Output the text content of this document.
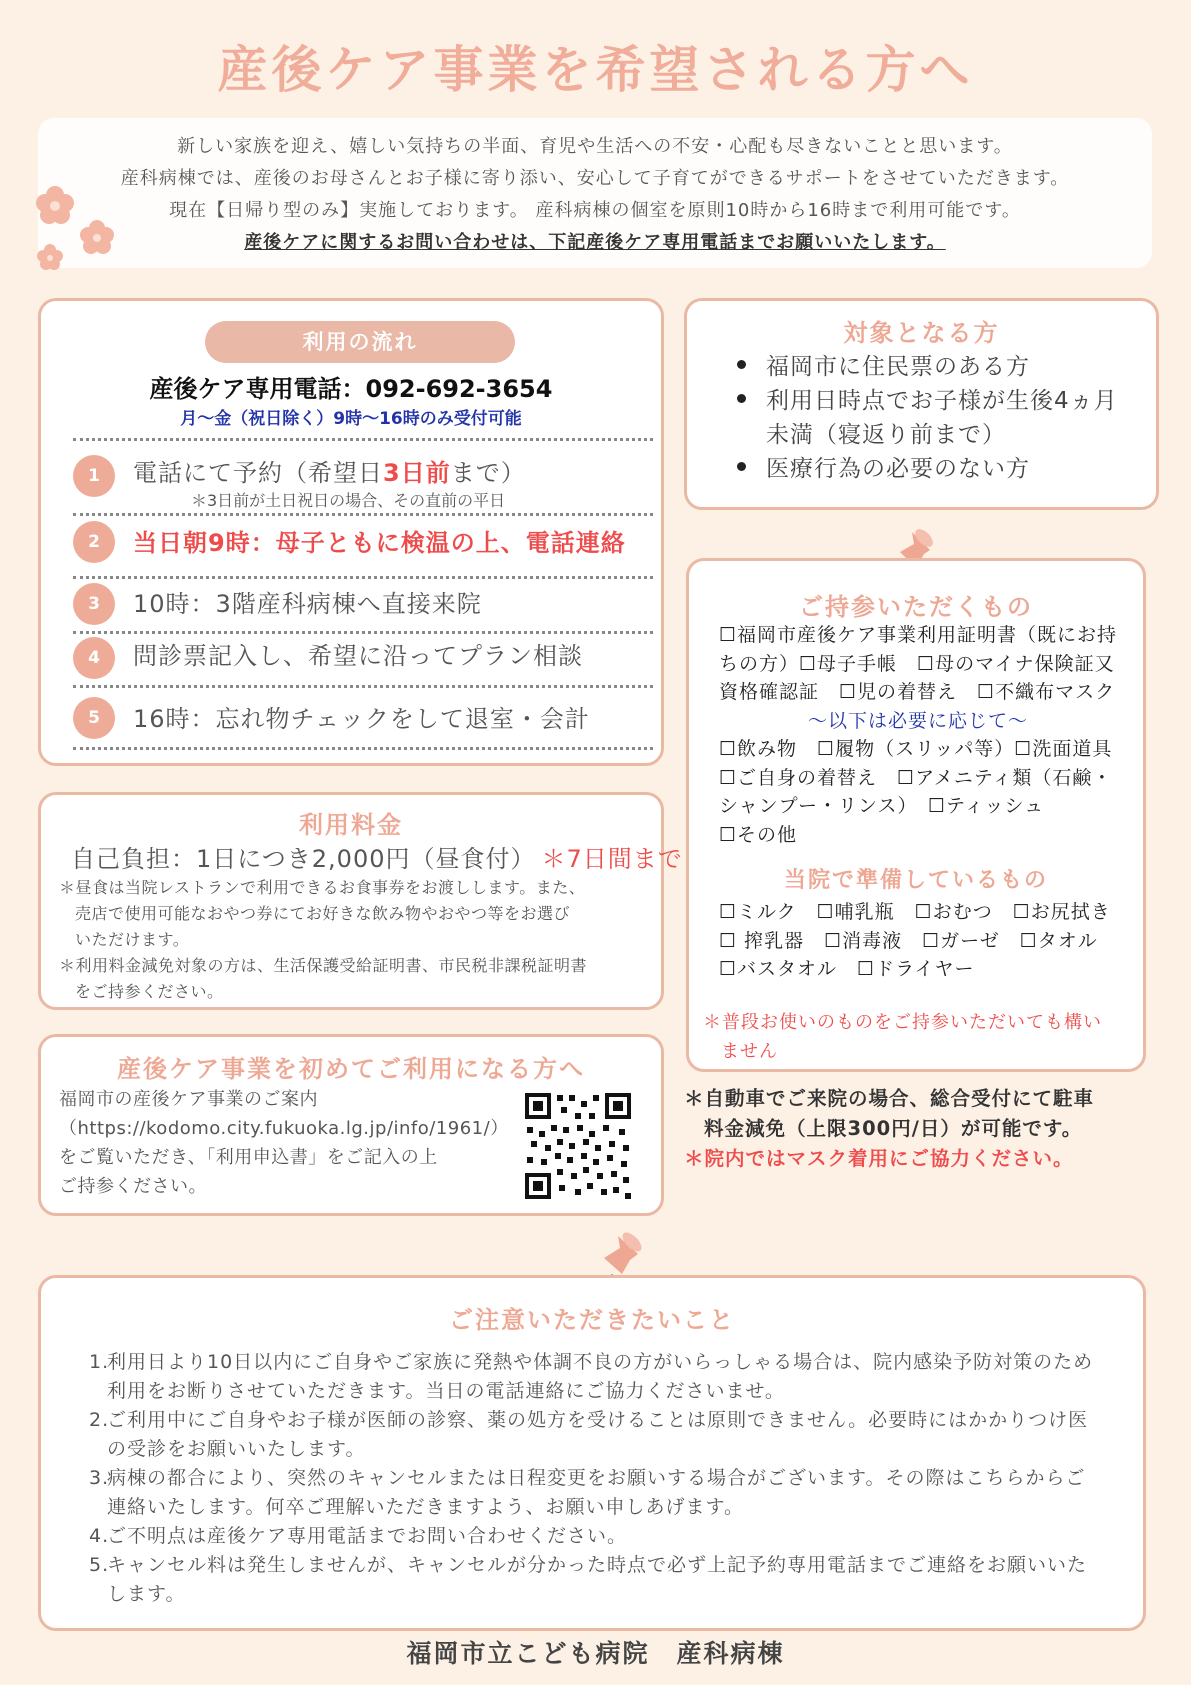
産後ケア事業を希望される方へ

新しい家族を迎え、嬉しい気持ちの半面、育児や生活への不安・心配も尽きないことと思います。

産科病棟では、産後のお母さんとお子様に寄り添い、安心して子育てができるサポートをさせていただきます。

現在【日帰り型のみ】実施しております。 産科病棟の個室を原則10時から16時まで利用可能です。

産後ケアに関するお問い合わせは、下記産後ケア専用電話までお願いいたします。

利用の流れ
産後ケア専用電話：092-692-3654
月～金（祝日除く）9時～16時のみ受付可能
1	電話にて予約（希望日3日前まで）
＊3日前が土日祝日の場合、その直前の平日
2	当日朝9時：母子ともに検温の上、電話連絡
3	10時：3階産科病棟へ直接来院
4	問診票記入し、希望に沿ってプラン相談
5	16時：忘れ物チェックをして退室・会計
対象となる方
福岡市に住民票のある方
利用日時点でお子様が生後4ヵ月
未満（寝返り前まで）
医療行為の必要のない方
利用料金
自己負担：1日につき2,000円（昼食付） ＊7日間まで
＊昼食は当院レストランで利用できるお食事券をお渡しします。また、
売店で使用可能なおやつ券にてお好きな飲み物やおやつ等をお選び
いただけます。
＊利用料金減免対象の方は、生活保護受給証明書、市民税非課税証明書
をご持参ください。
産後ケア事業を初めてご利用になる方へ
福岡市の産後ケア事業のご案内
（https://kodomo.city.fukuoka.lg.jp/info/1961/）
をご覧いただき、「利用申込書」をご記入の上
ご持参ください。
ご持参いただくもの
☐福岡市産後ケア事業利用証明書（既にお持
ちの方）☐母子手帳　☐母のマイナ保険証又
資格確認証　☐児の着替え　☐不織布マスク
～以下は必要に応じて～
☐飲み物　☐履物（スリッパ等）☐洗面道具
☐ご自身の着替え　☐アメニティ類（石鹸・
シャンプー・リンス）　☐ティッシュ
☐その他
当院で準備しているもの
☐ミルク　☐哺乳瓶　☐おむつ　☐お尻拭き
☐ 搾乳器　☐消毒液　☐ガーゼ　☐タオル
☐バスタオル　☐ドライヤー
＊普段お使いのものをご持参いただいても構い
ません
＊自動車でご来院の場合、総合受付にて駐車
料金減免（上限300円/日）が可能です。
＊院内ではマスク着用にご協力ください。
ご注意いただきたいこと

1.利用日より10日以内にご自身やご家族に発熱や体調不良の方がいらっしゃる場合は、院内感染予防対策のため

利用をお断りさせていただきます。当日の電話連絡にご協力くださいませ。

2.ご利用中にご自身やお子様が医師の診察、薬の処方を受けることは原則できません。必要時にはかかりつけ医

の受診をお願いいたします。

3.病棟の都合により、突然のキャンセルまたは日程変更をお願いする場合がございます。その際はこちらからご

連絡いたします。何卒ご理解いただきますよう、お願い申しあげます。

4.ご不明点は産後ケア専用電話までお問い合わせください。

5.キャンセル料は発生しませんが、キャンセルが分かった時点で必ず上記予約専用電話までご連絡をお願いいた

します。

福岡市立こども病院　産科病棟
